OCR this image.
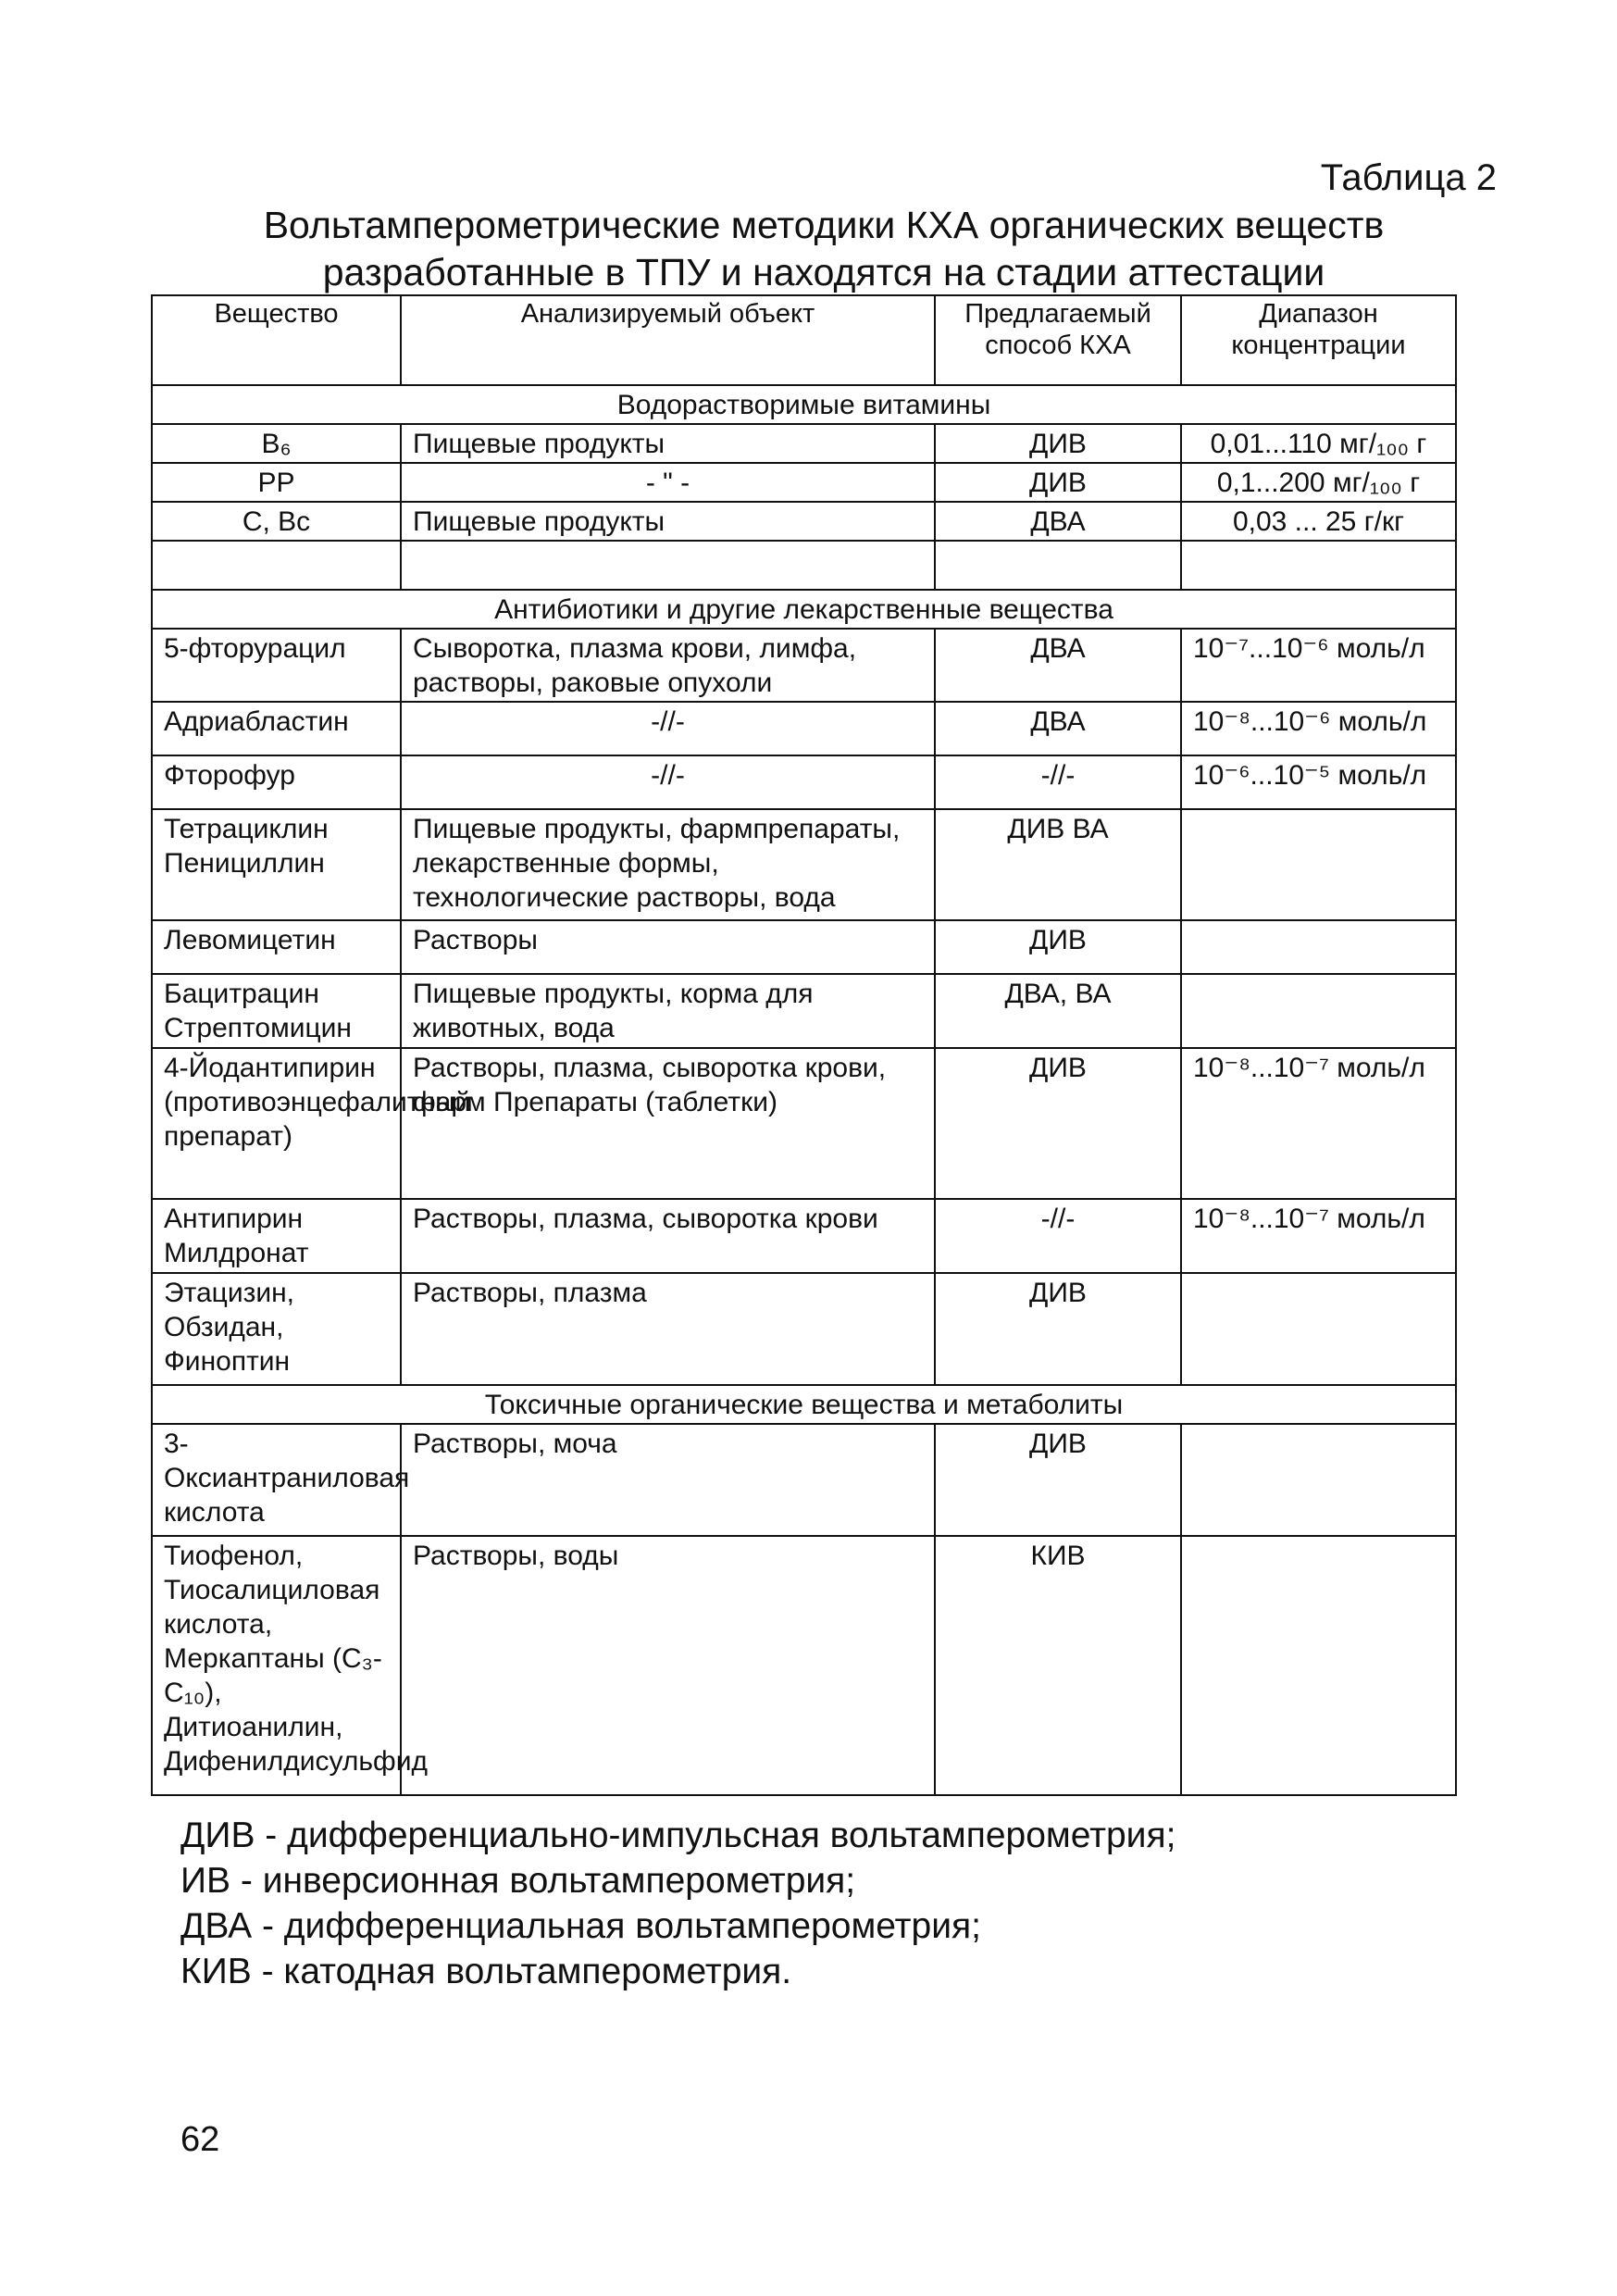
Таблица 2
Вольтамперометрические методики КХА органических веществ разработанные в ТПУ и находятся на стадии аттестации
Вещество	Анализируемый объект	Предлагаемый способ КХА	Диапазон концентрации
Водорастворимые витамины			
B₆	Пищевые продукты	ДИВ	0,01...110 мг/₁₀₀ г
PP	- " -	ДИВ	0,1...200 мг/₁₀₀ г
C, Bc	Пищевые продукты	ДВА	0,03 ... 25 г/кг

Антибиотики и другие лекарственные вещества			
5-фторурацил	Сыворотка, плазма крови, лимфа, растворы, раковые опухоли	ДВА	10⁻⁷...10⁻⁶ моль/л
Адриабластин	-//-	ДВА	10⁻⁸...10⁻⁶ моль/л
Фторофур	-//-	-//-	10⁻⁶...10⁻⁵ моль/л
Тетрациклин Пенициллин	Пищевые продукты, фармпрепараты, лекарственные формы, технологические растворы, вода	ДИВ ВА	
Левомицетин	Растворы	ДИВ	
Бацитрацин Стрептомицин	Пищевые продукты, корма для животных, вода	ДВА, ВА	
4-Йодантипирин (противоэнцефалитный препарат)	Растворы, плазма, сыворотка крови, фарм Препараты (таблетки)	ДИВ	10⁻⁸...10⁻⁷ моль/л
Антипирин Милдронат	Растворы, плазма, сыворотка крови	-//-	10⁻⁸...10⁻⁷ моль/л
Этацизин, Обзидан, Финоптин	Растворы, плазма	ДИВ	
Токсичные органические вещества и метаболиты			
3-Оксиантраниловая кислота	Растворы, моча	ДИВ	
Тиофенол, Тиосалициловая кислота, Меркаптаны (C₃-C₁₀), Дитиоанилин, Дифенилдисульфид	Растворы, воды	КИВ	
ДИВ - дифференциально-импульсная вольтамперометрия;
ИВ - инверсионная вольтамперометрия;
ДВА - дифференциальная вольтамперометрия;
КИВ - катодная вольтамперометрия.
62
